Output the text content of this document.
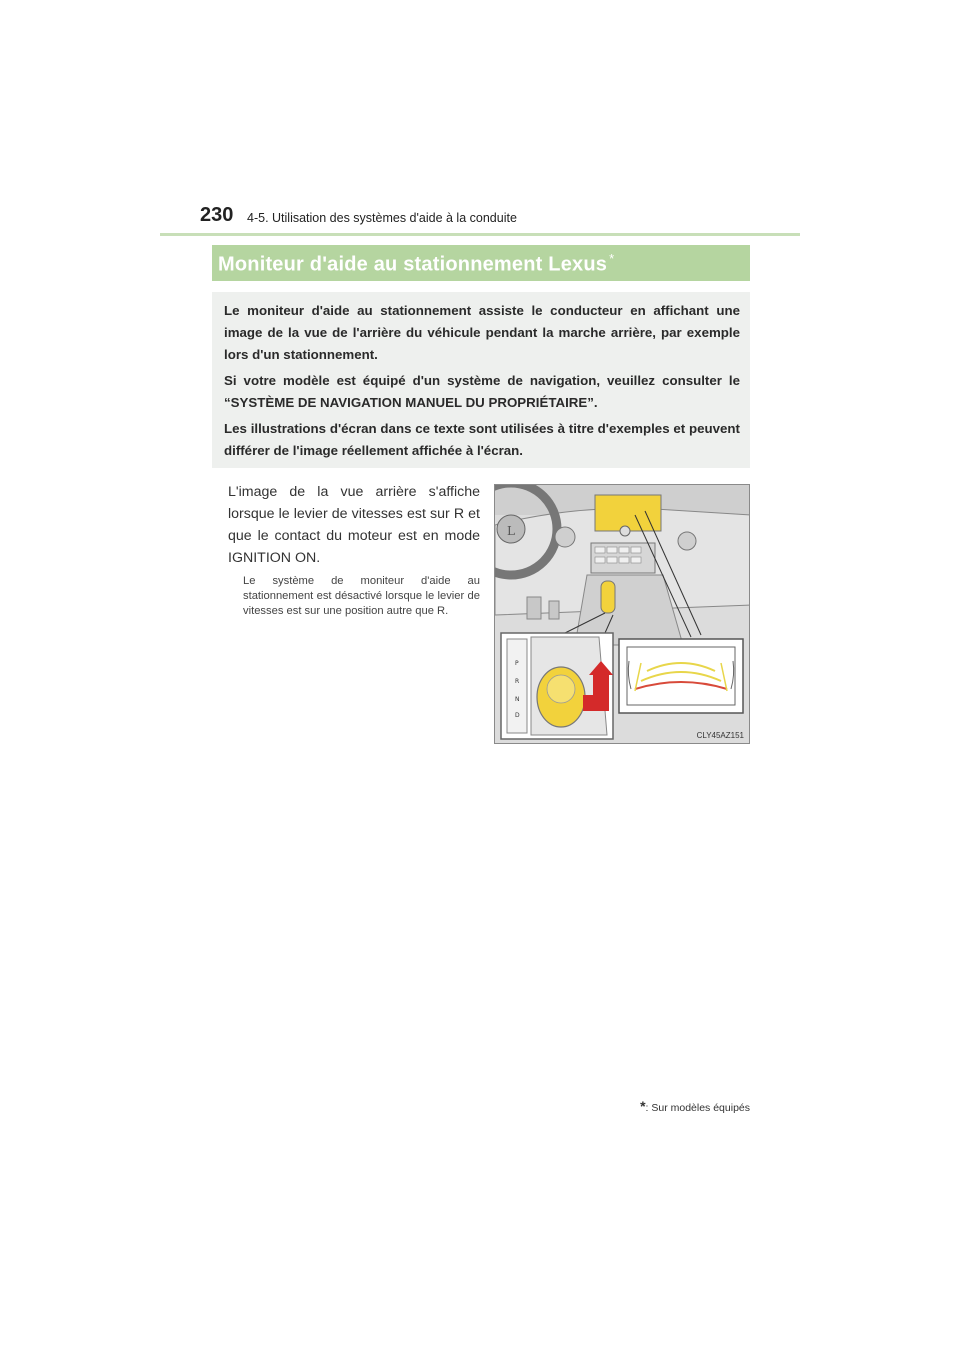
230 4-5. Utilisation des systèmes d'aide à la conduite
Moniteur d'aide au stationnement Lexus *

Le moniteur d'aide au stationnement assiste le conducteur en affichant une image de la vue de l'arrière du véhicule pendant la marche arrière, par exemple lors d'un stationnement.

Si votre modèle est équipé d'un système de navigation, veuillez consulter le “SYSTÈME DE NAVIGATION MANUEL DU PROPRIÉTAIRE”.

Les illustrations d'écran dans ce texte sont utilisées à titre d'exemples et peuvent différer de l'image réellement affichée à l'écran.

L'image de la vue arrière s'affiche lorsque le levier de vitesses est sur R et que le contact du moteur est en mode IGNITION ON.

Le système de moniteur d'aide au stationnement est désactivé lorsque le levier de vitesses est sur une position autre que R.

L
P
R
N
D
CLY45AZ151
*: Sur modèles équipés
